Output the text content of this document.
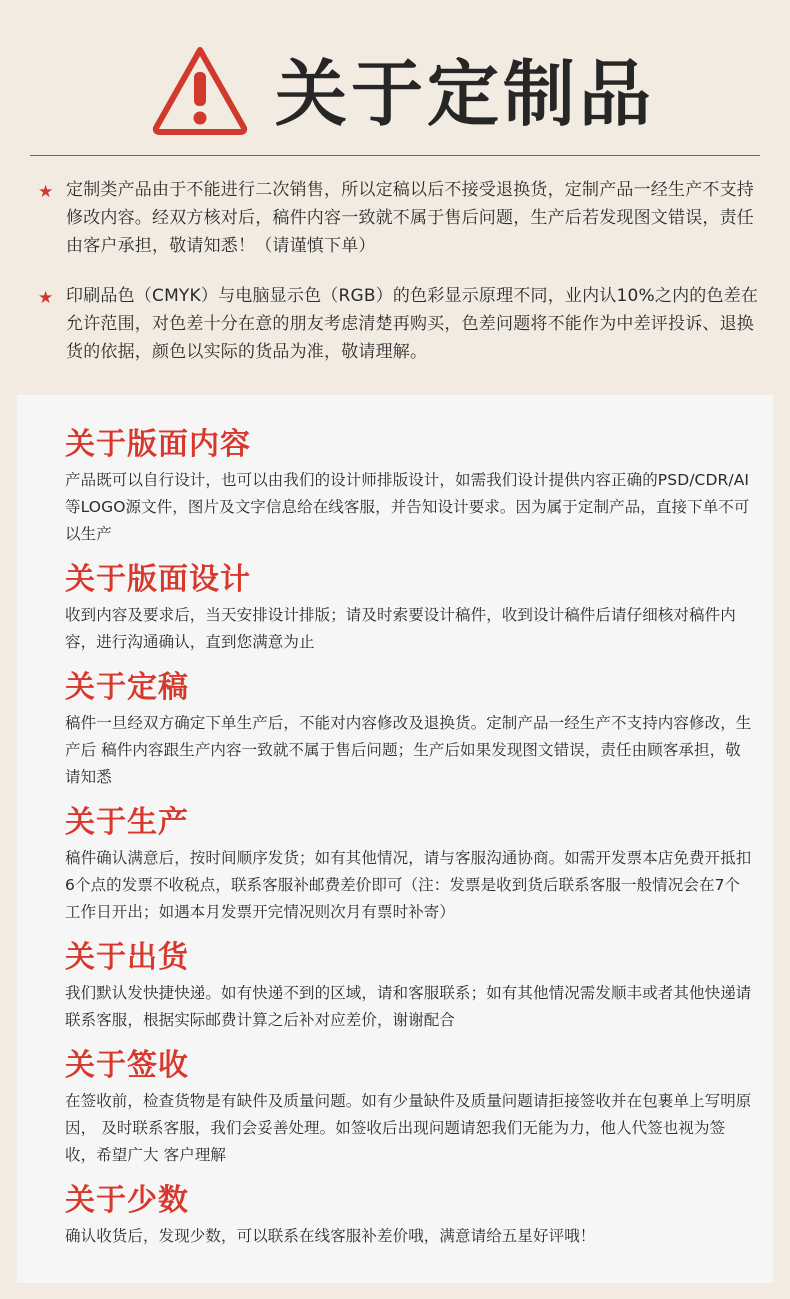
关于定制品
★ 定制类产品由于不能进行二次销售，所以定稿以后不接受退换货，定制产品一经生产不支持修改内容。经双方核对后，稿件内容一致就不属于售后问题，生产后若发现图文错误，责任由客户承担，敬请知悉！（请谨慎下单）
★ 印刷品色（CMYK）与电脑显示色（RGB）的色彩显示原理不同，业内认10%之内的色差在允许范围，对色差十分在意的朋友考虑清楚再购买，色差问题将不能作为中差评投诉、退换货的依据，颜色以实际的货品为准，敬请理解。
关于版面内容

产品既可以自行设计，也可以由我们的设计师排版设计，如需我们设计提供内容正确的PSD/CDR/AI等LOGO源文件，图片及文字信息给在线客服，并告知设计要求。因为属于定制产品，直接下单不可以生产

关于版面设计

收到内容及要求后，当天安排设计排版；请及时索要设计稿件，收到设计稿件后请仔细核对稿件内容，进行沟通确认，直到您满意为止

关于定稿

稿件一旦经双方确定下单生产后，不能对内容修改及退换货。定制产品一经生产不支持内容修改，生产后 稿件内容跟生产内容一致就不属于售后问题；生产后如果发现图文错误，责任由顾客承担，敬请知悉

关于生产

稿件确认满意后，按时间顺序发货；如有其他情况，请与客服沟通协商。如需开发票本店免费开抵扣6个点的发票不收税点，联系客服补邮费差价即可（注：发票是收到货后联系客服一般情况会在7个工作日开出；如遇本月发票开完情况则次月有票时补寄）

关于出货

我们默认发快捷快递。如有快递不到的区域，请和客服联系；如有其他情况需发顺丰或者其他快递请联系客服，根据实际邮费计算之后补对应差价，谢谢配合

关于签收

在签收前，检查货物是有缺件及质量问题。如有少量缺件及质量问题请拒接签收并在包裹单上写明原因， 及时联系客服，我们会妥善处理。如签收后出现问题请恕我们无能为力，他人代签也视为签收，希望广大 客户理解

关于少数

确认收货后，发现少数，可以联系在线客服补差价哦，满意请给五星好评哦！
